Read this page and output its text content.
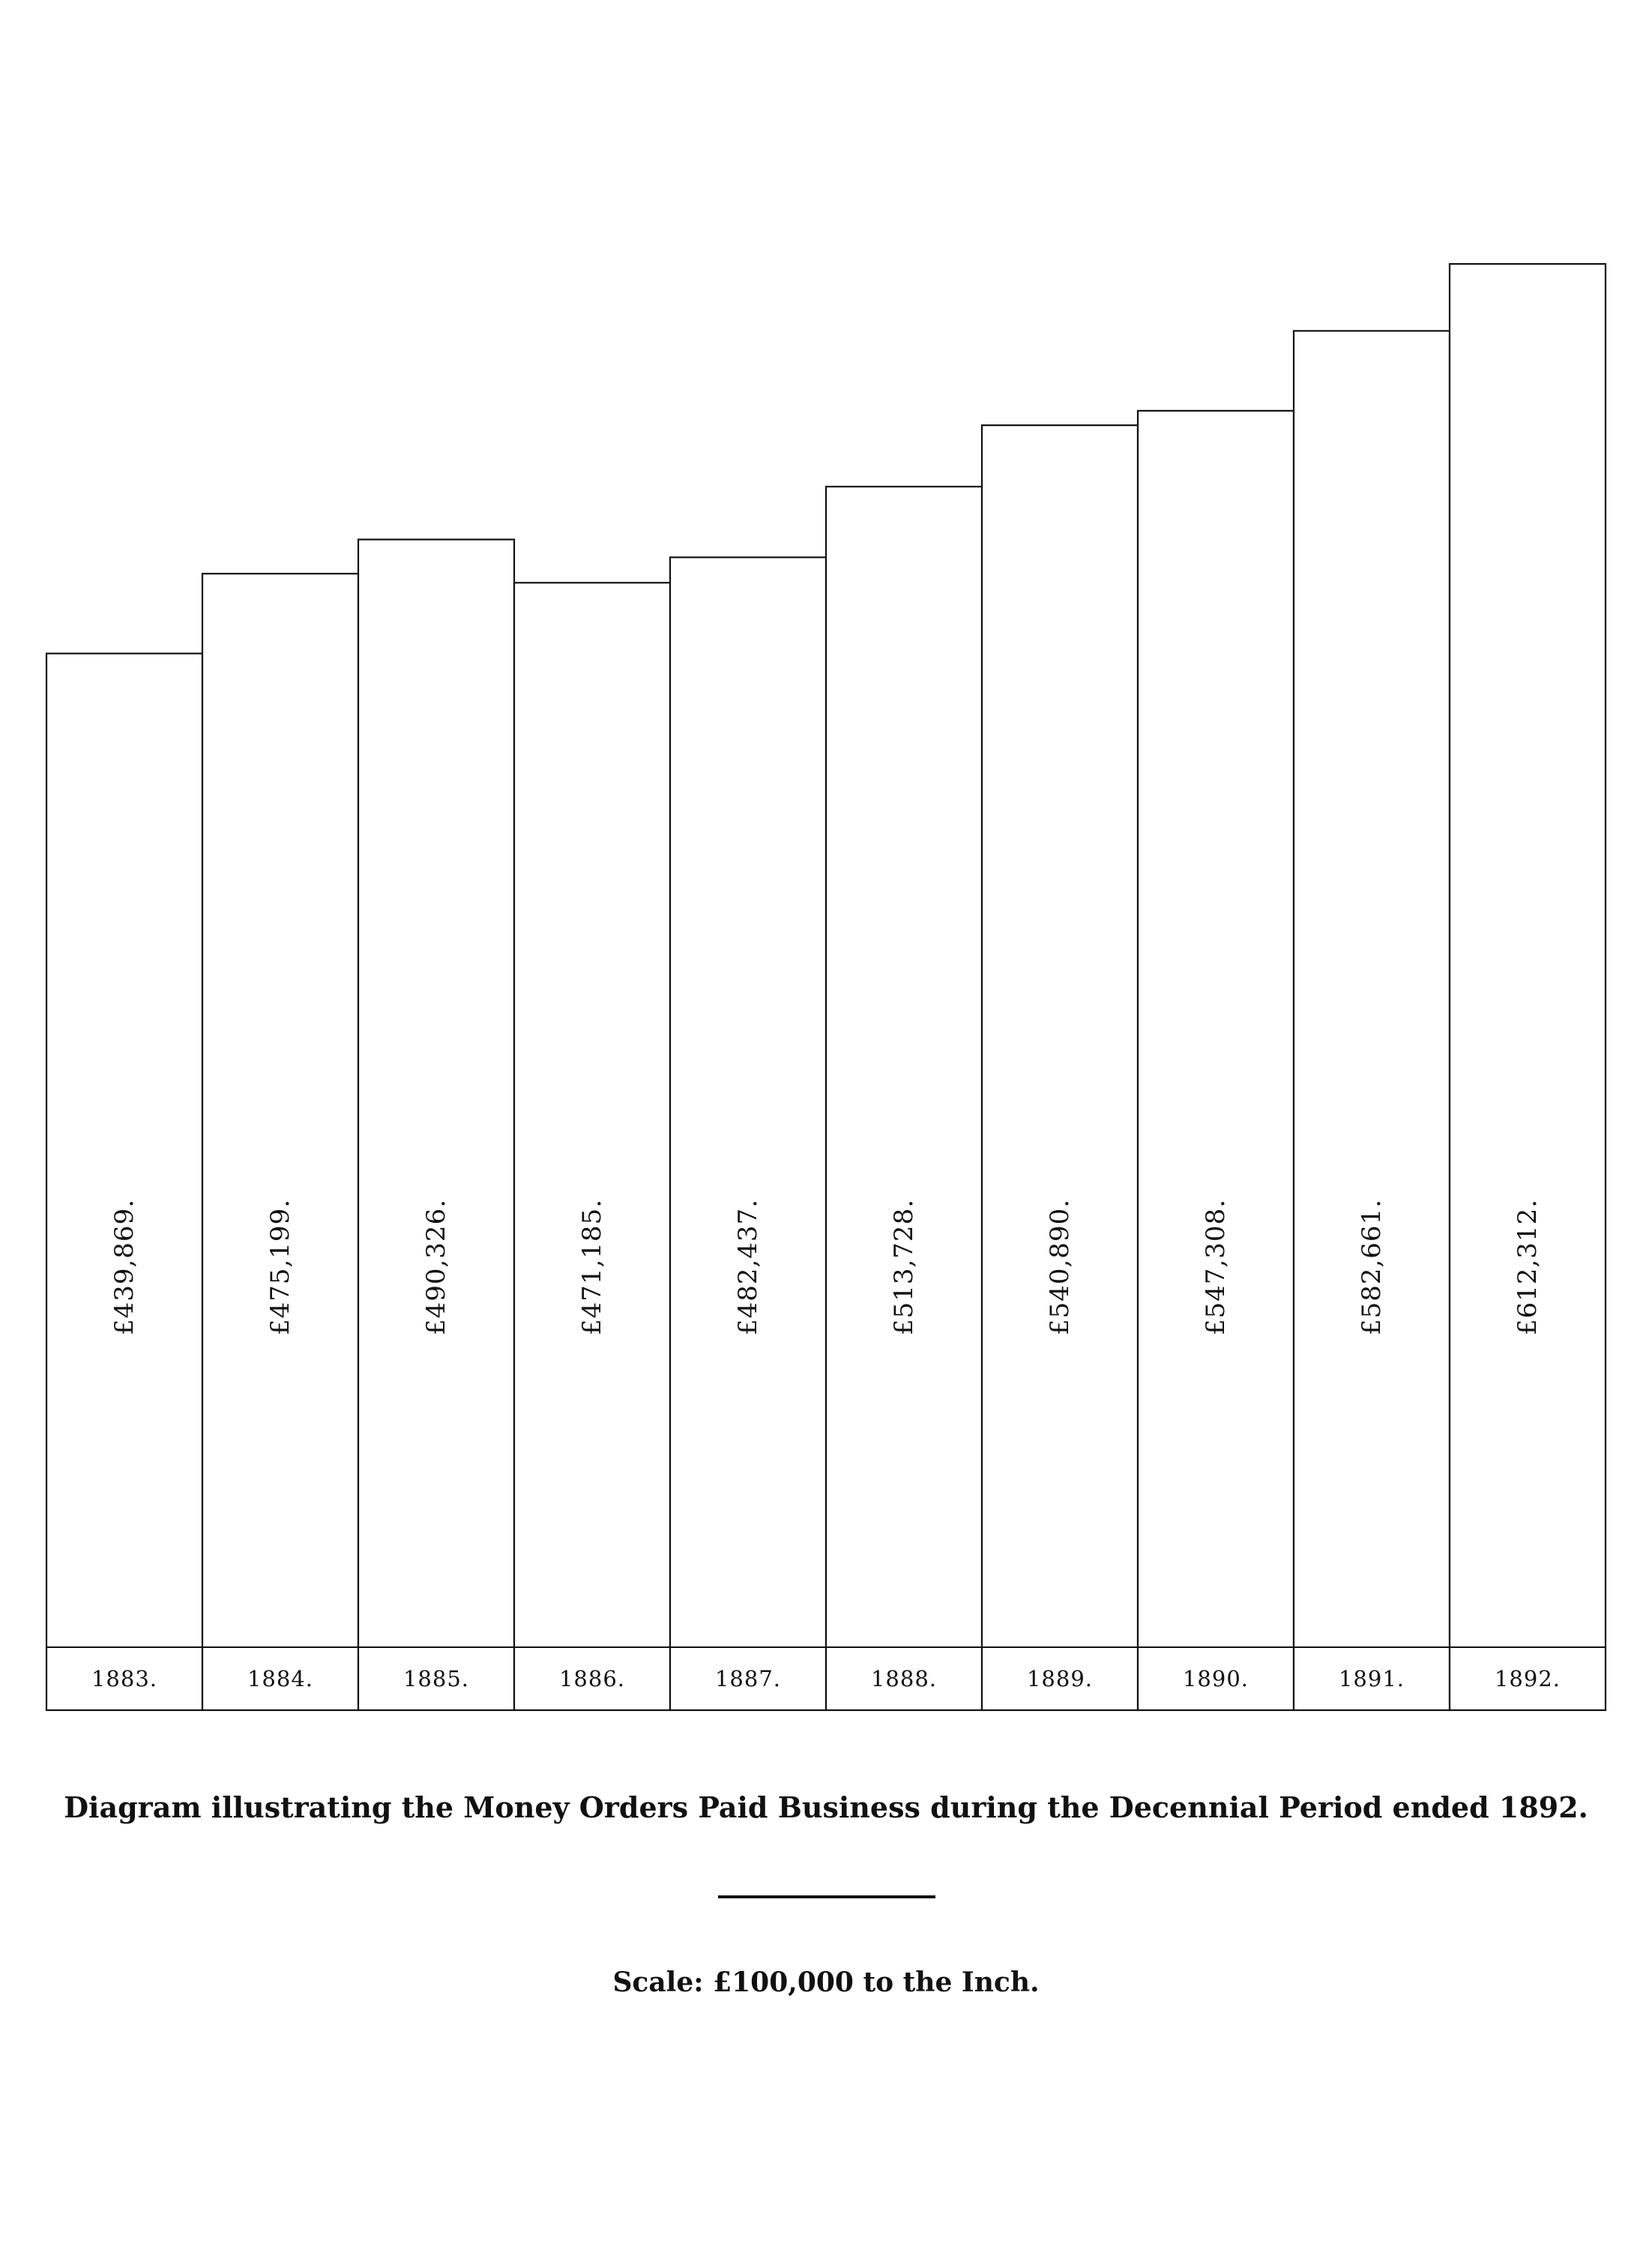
£439,869.	£475,199.	£490,326.	£471,185.	£482,437.	£513,728.	£540,890.	£547,308.	£582,661.	£612,312.
1883.	1884.	1885.	1886.	1887.	1888.	1889.	1890.	1891.	1892.
Diagram illustrating the Money Orders Paid Business during the Decennial Period ended 1892.
Scale: £100,000 to the Inch.
